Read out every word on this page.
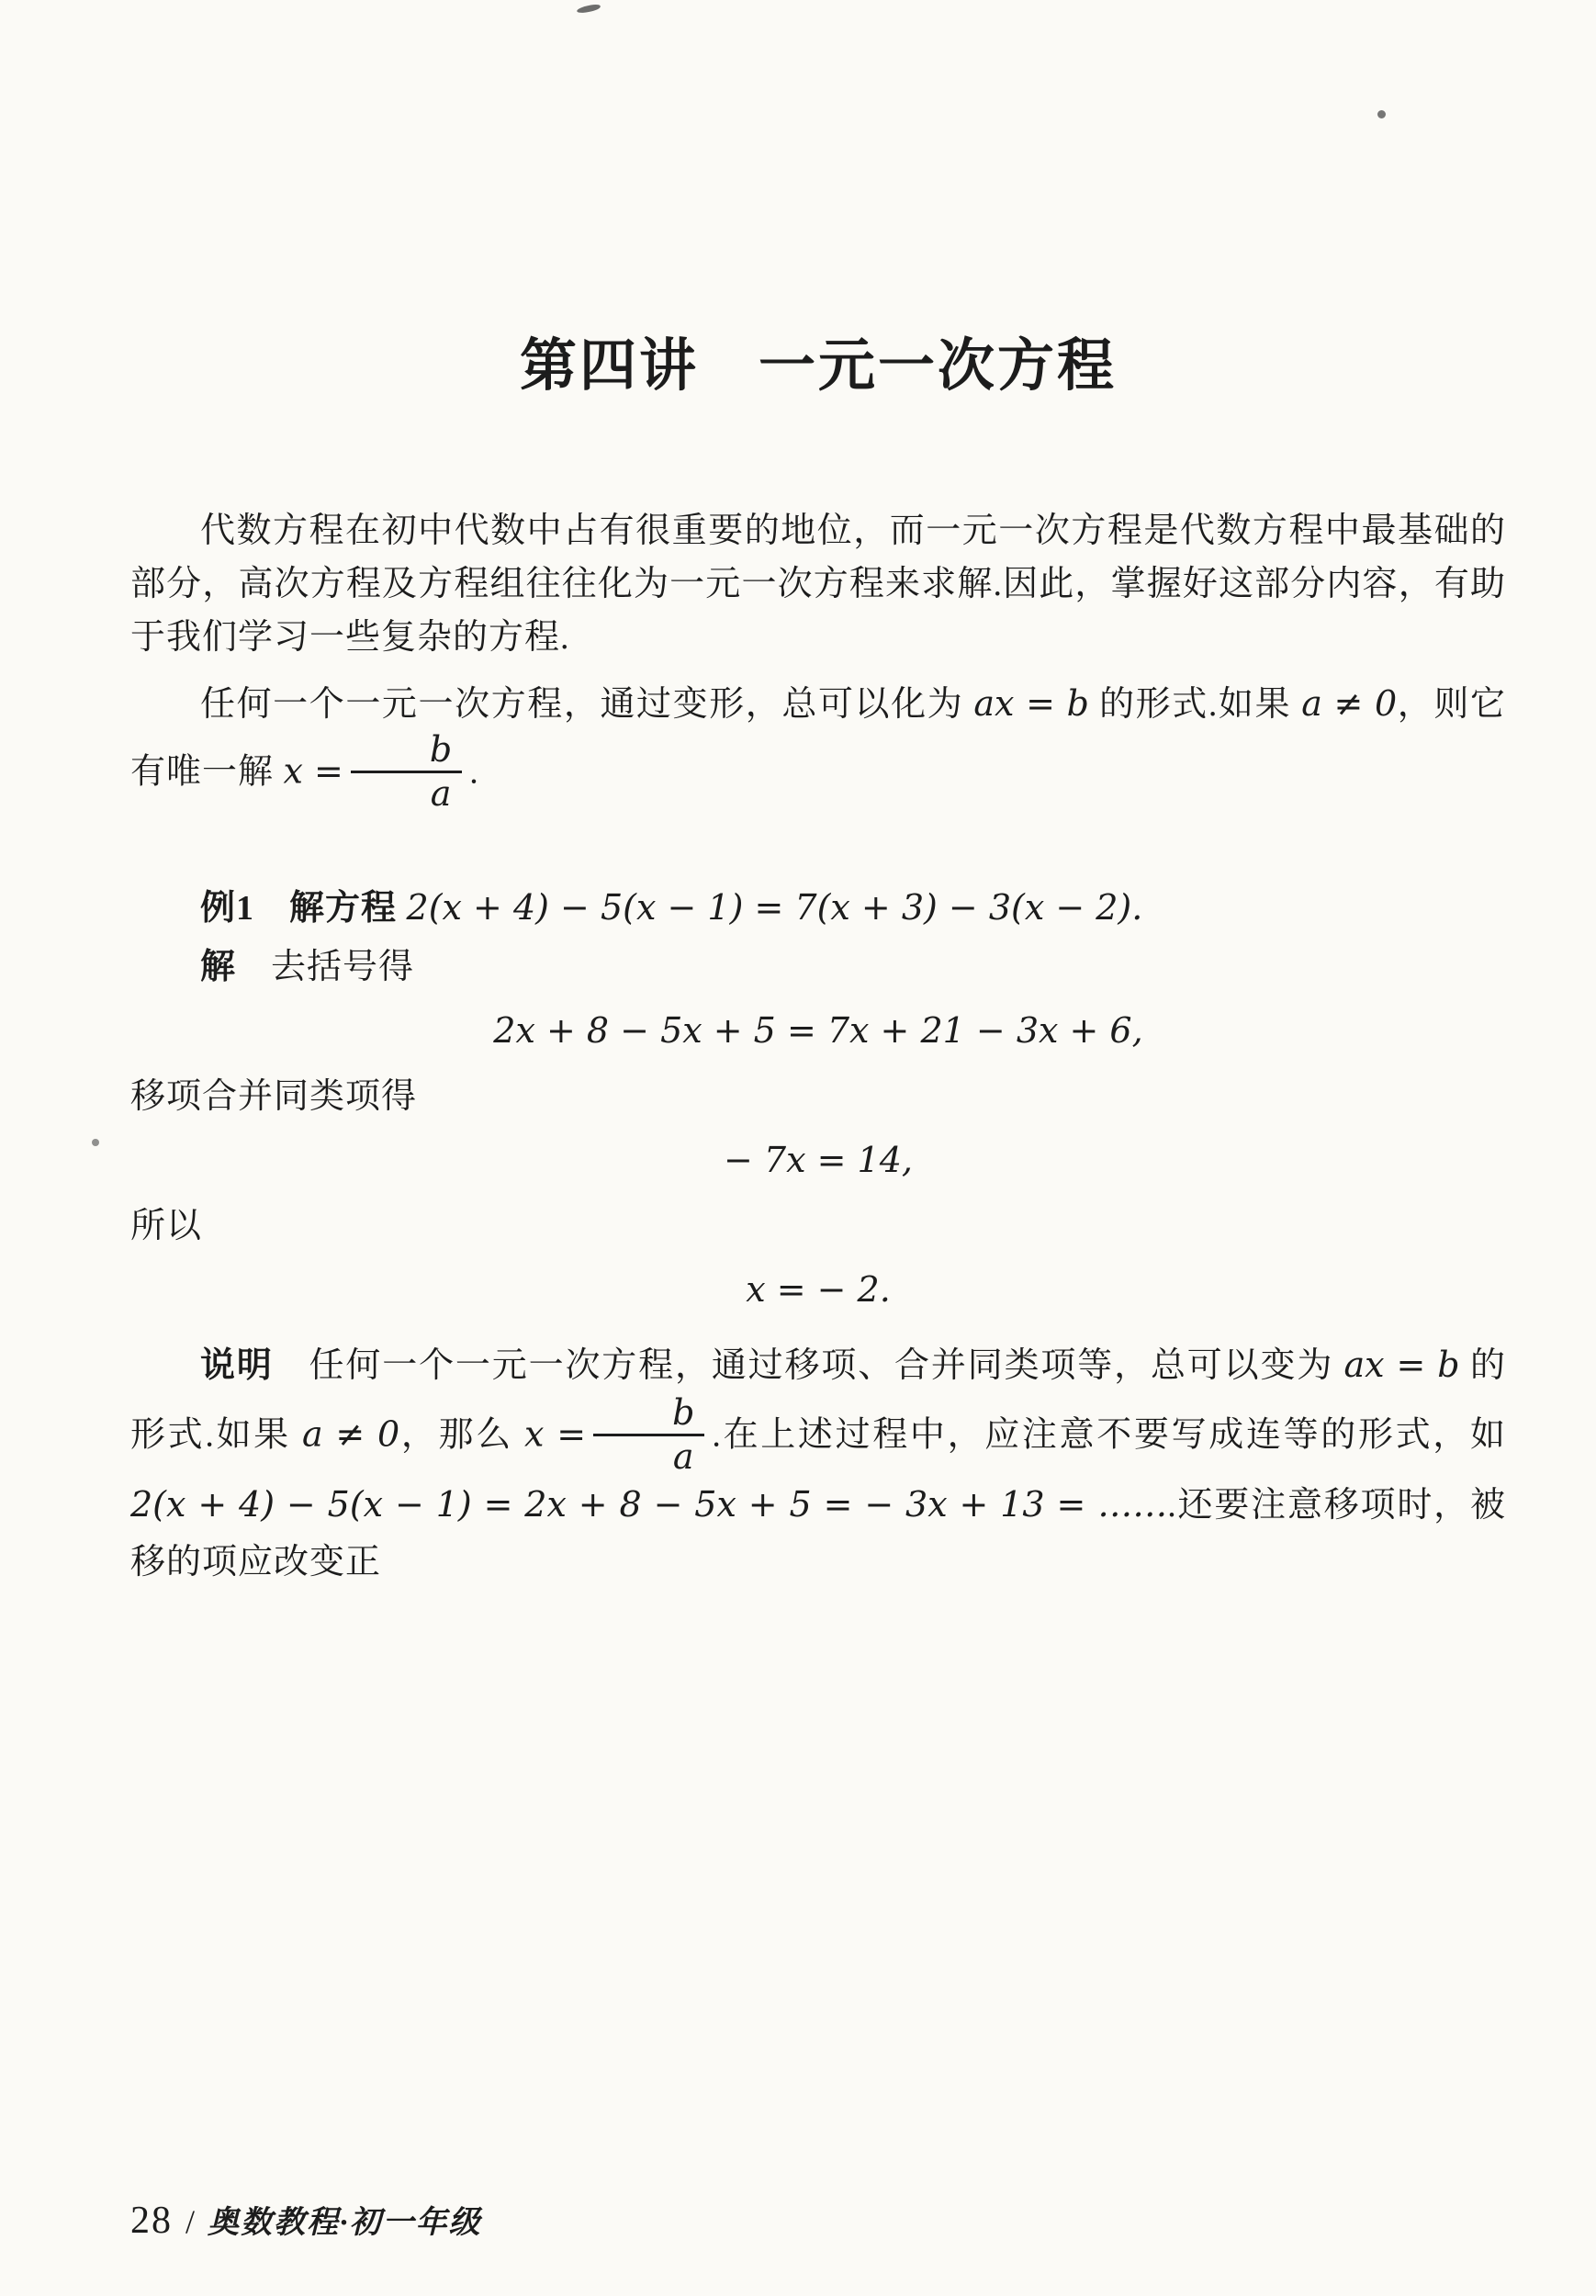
第四讲　一元一次方程

代数方程在初中代数中占有很重要的地位，而一元一次方程是代数方程中最基础的部分，高次方程及方程组往往化为一元一次方程来求解.因此，掌握好这部分内容，有助于我们学习一些复杂的方程.

任何一个一元一次方程，通过变形，总可以化为 ax = b 的形式.如果 a ≠ 0，则它有唯一解 $x = \frac{b}{a}$ .

例1 解方程 2(x + 4) − 5(x − 1) = 7(x + 3) − 3(x − 2).

解 去括号得

2x + 8 − 5x + 5 = 7x + 21 − 3x + 6,

移项合并同类项得

− 7x = 14,

所以

x = − 2.

说明 任何一个一元一次方程，通过移项、合并同类项等，总可以变为 ax = b 的形式.如果 a ≠ 0，那么 $x = \frac{b}{a}$ .在上述过程中，应注意不要写成连等的形式，如 2(x + 4) − 5(x − 1) = 2x + 8 − 5x + 5 = − 3x + 13 = …….还要注意移项时，被移的项应改变正

28 / 奥数教程·初一年级
